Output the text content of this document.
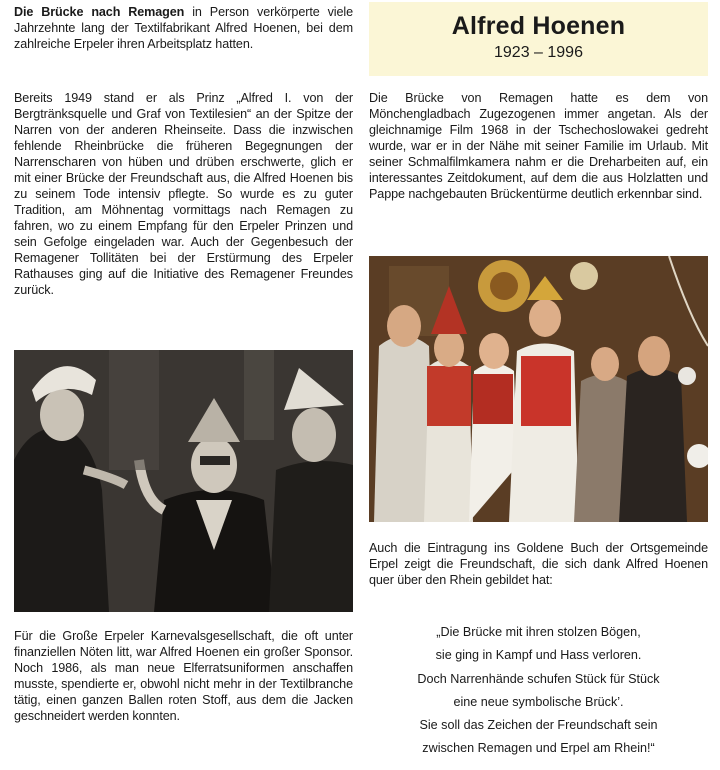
Die Brücke nach Remagen in Person verkörperte viele Jahrzehnte lang der Textilfabrikant Alfred Hoenen, bei dem zahlreiche Erpeler ihren Arbeitsplatz hatten.

Bereits 1949 stand er als Prinz „Alfred I. von der Bergtränksquelle und Graf von Textilesien“ an der Spitze der Narren von der anderen Rheinseite. Dass die inzwischen fehlende Rheinbrücke die früheren Begegnungen der Narrenscharen von hüben und drüben erschwerte, glich er mit einer Brücke der Freundschaft aus, die Alfred Hoenen bis zu seinem Tode intensiv pflegte. So wurde es zu guter Tradition, am Möhnentag vormittags nach Remagen zu fahren, wo zu einem Empfang für den Erpeler Prinzen und sein Gefolge eingeladen war. Auch der Gegenbesuch der Remagener Tollitäten bei der Erstürmung des Erpeler Rathauses ging auf die Initiative des Remagener Freundes zurück.

Für die Große Erpeler Karnevalsgesellschaft, die oft unter finanziellen Nöten litt, war Alfred Hoenen ein großer Sponsor. Noch 1986, als man neue Elferratsuniformen anschaffen musste, spendierte er, obwohl nicht mehr in der Textilbranche tätig, einen ganzen Ballen roten Stoff, aus dem die Jacken geschneidert werden konnten.

Alfred Hoenen
1923 – 1996

Die Brücke von Remagen hatte es dem von Mönchengladbach Zugezogenen immer angetan. Als der gleichnamige Film 1968 in der Tschechoslowakei gedreht wurde, war er in der Nähe mit seiner Familie im Urlaub. Mit seiner Schmalfilmkamera nahm er die Dreharbeiten auf, ein interessantes Zeitdokument, auf dem die aus Holzlatten und Pappe nachgebauten Brückentürme deutlich erkennbar sind.

Auch die Eintragung ins Goldene Buch der Ortsgemeinde Erpel zeigt die Freundschaft, die sich dank Alfred Hoenen quer über den Rhein gebildet hat:

„Die Brücke mit ihren stolzen Bögen,
sie ging in Kampf und Hass verloren.
Doch Narrenhände schufen Stück für Stück
eine neue symbolische Brück’.
Sie soll das Zeichen der Freundschaft sein
zwischen Remagen und Erpel am Rhein!“
